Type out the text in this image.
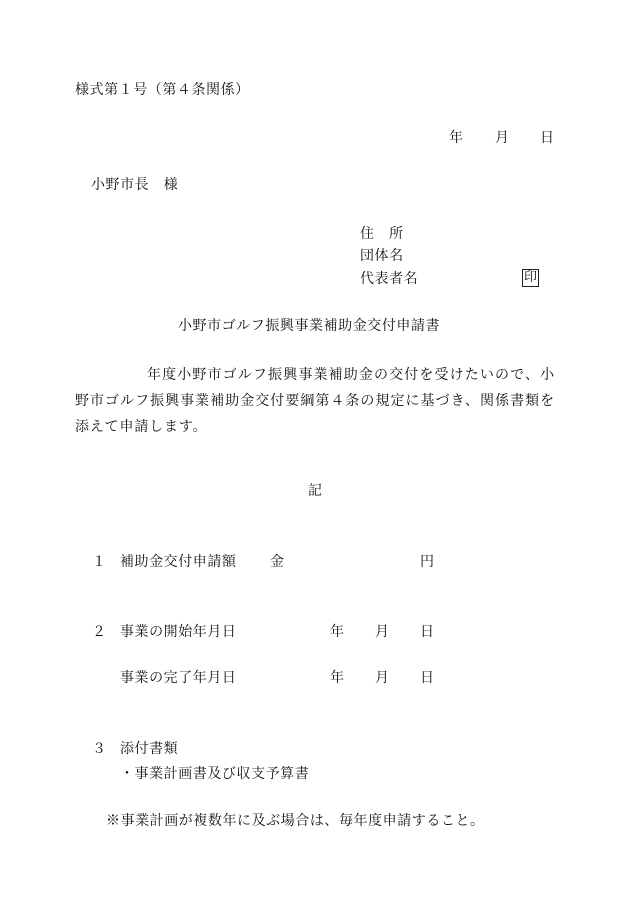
様式第１号（第４条関係）
年 月 日
小野市長　様
住　所
団体名
代表者名	印
小野市ゴルフ振興事業補助金交付申請書
年度小野市ゴルフ振興事業補助金の交付を受けたいので、小野市ゴルフ振興事業補助金交付要綱第４条の規定に基づき、関係書類を添えて申請します。
記
１ 補助金交付申請額 金	円
２ 事業の開始年月日	年 月 日
事業の完了年月日	年 月 日
３ 添付書類
・事業計画書及び収支予算書
※事業計画が複数年に及ぶ場合は、毎年度申請すること。
